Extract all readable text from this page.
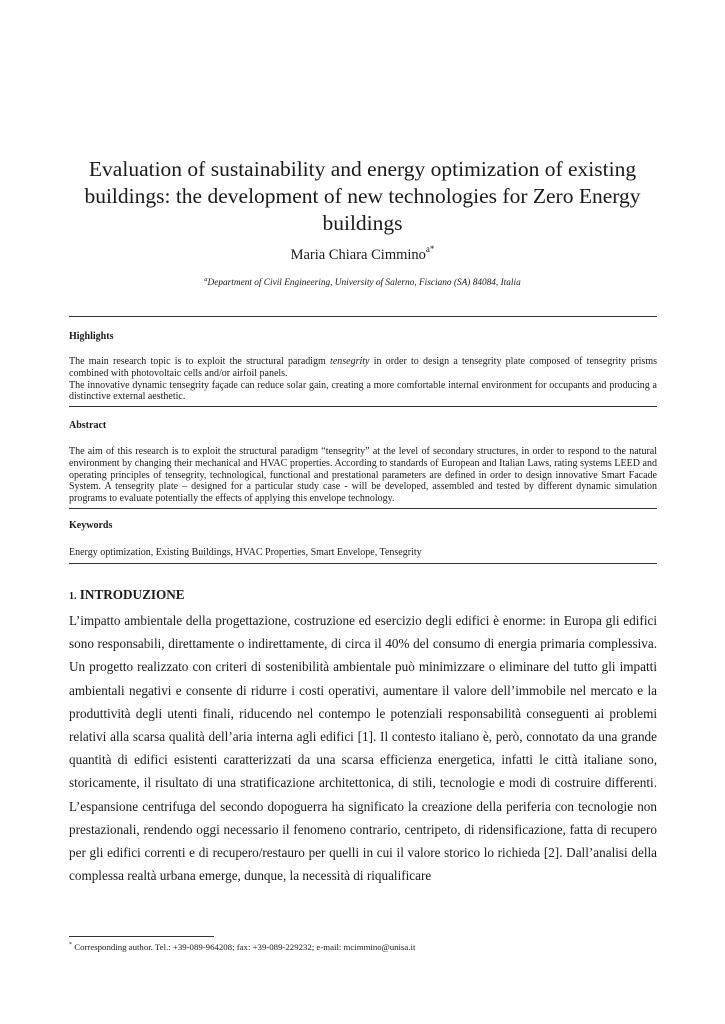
Evaluation of sustainability and energy optimization of existing buildings: the development of new technologies for Zero Energy buildings
Maria Chiara Cimmino$^{a*}$
$^a$Department of Civil Engineering, University of Salerno, Fisciano (SA) 84084, Italia
Highlights

The main research topic is to exploit the structural paradigm tensegrity in order to design a tensegrity plate composed of tensegrity prisms combined with photovoltaic cells and/or airfoil panels.

The innovative dynamic tensegrity façade can reduce solar gain, creating a more comfortable internal environment for occupants and producing a distinctive external aesthetic.

Abstract
The aim of this research is to exploit the structural paradigm “tensegrity” at the level of secondary structures, in order to respond to the natural environment by changing their mechanical and HVAC properties. According to standards of European and Italian Laws, rating systems LEED and operating principles of tensegrity, technological, functional and prestational parameters are defined in order to design innovative Smart Facade System. A tensegrity plate – designed for a particular study case - will be developed, assembled and tested by different dynamic simulation programs to evaluate potentially the effects of applying this envelope technology.
Keywords
Energy optimization, Existing Buildings, HVAC Properties, Smart Envelope, Tensegrity
1. INTRODUZIONE
L’impatto ambientale della progettazione, costruzione ed esercizio degli edifici è enorme: in Europa gli edifici sono responsabili, direttamente o indirettamente, di circa il 40% del consumo di energia primaria complessiva. Un progetto realizzato con criteri di sostenibilità ambientale può minimizzare o eliminare del tutto gli impatti ambientali negativi e consente di ridurre i costi operativi, aumentare il valore dell’immobile nel mercato e la produttività degli utenti finali, riducendo nel contempo le potenziali responsabilità conseguenti ai problemi relativi alla scarsa qualità dell’aria interna agli edifici [1]. Il contesto italiano è, però, connotato da una grande quantità di edifici esistenti caratterizzati da una scarsa efficienza energetica, infatti le città italiane sono, storicamente, il risultato di una stratificazione architettonica, di stili, tecnologie e modi di costruire differenti. L’espansione centrifuga del secondo dopoguerra ha significato la creazione della periferia con tecnologie non prestazionali, rendendo oggi necessario il fenomeno contrario, centripeto, di ridensificazione, fatta di recupero per gli edifici correnti e di recupero/restauro per quelli in cui il valore storico lo richieda [2]. Dall’analisi della complessa realtà urbana emerge, dunque, la necessità di riqualificare
* Corresponding author. Tel.: +39-089-964208; fax: +39-089-229232; e-mail: mcimmino@unisa.it
